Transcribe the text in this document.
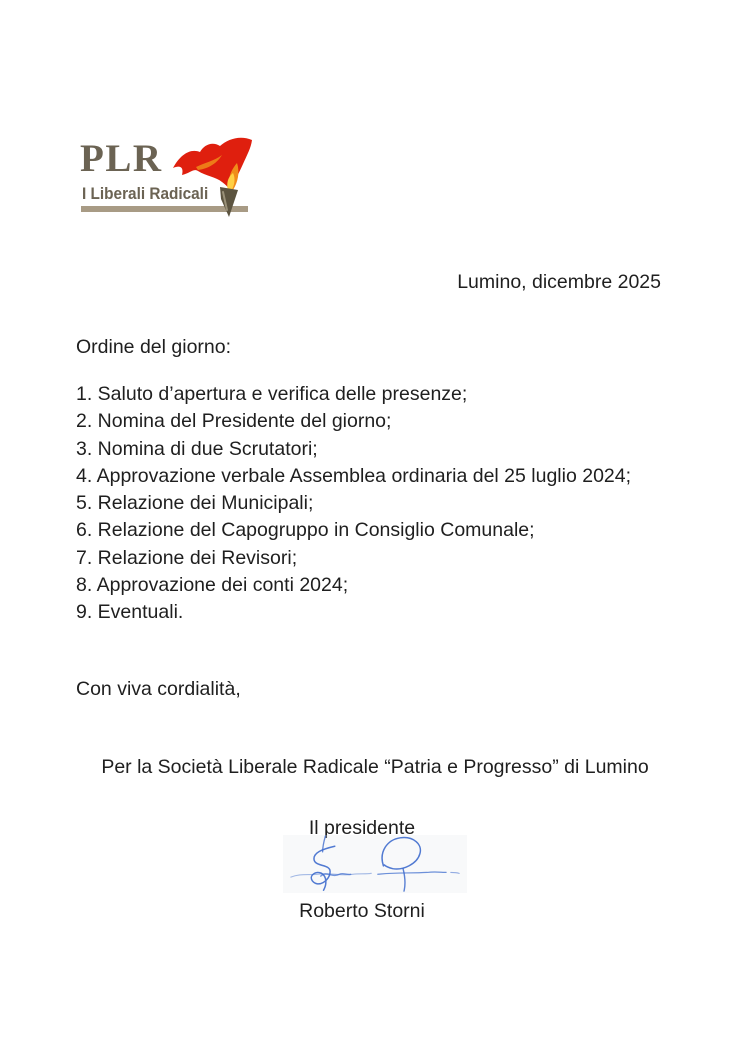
PLR
I Liberali Radicali
Lumino, dicembre 2025
Ordine del giorno:
1. Saluto d’apertura e verifica delle presenze;
2. Nomina del Presidente del giorno;
3. Nomina di due Scrutatori;
4. Approvazione verbale Assemblea ordinaria del 25 luglio 2024;
5. Relazione dei Municipali;
6. Relazione del Capogruppo in Consiglio Comunale;
7. Relazione dei Revisori;
8. Approvazione dei conti 2024;
9. Eventuali.
Con viva cordialità,
Per la Società Liberale Radicale “Patria e Progresso” di Lumino
Il presidente
Roberto Storni
